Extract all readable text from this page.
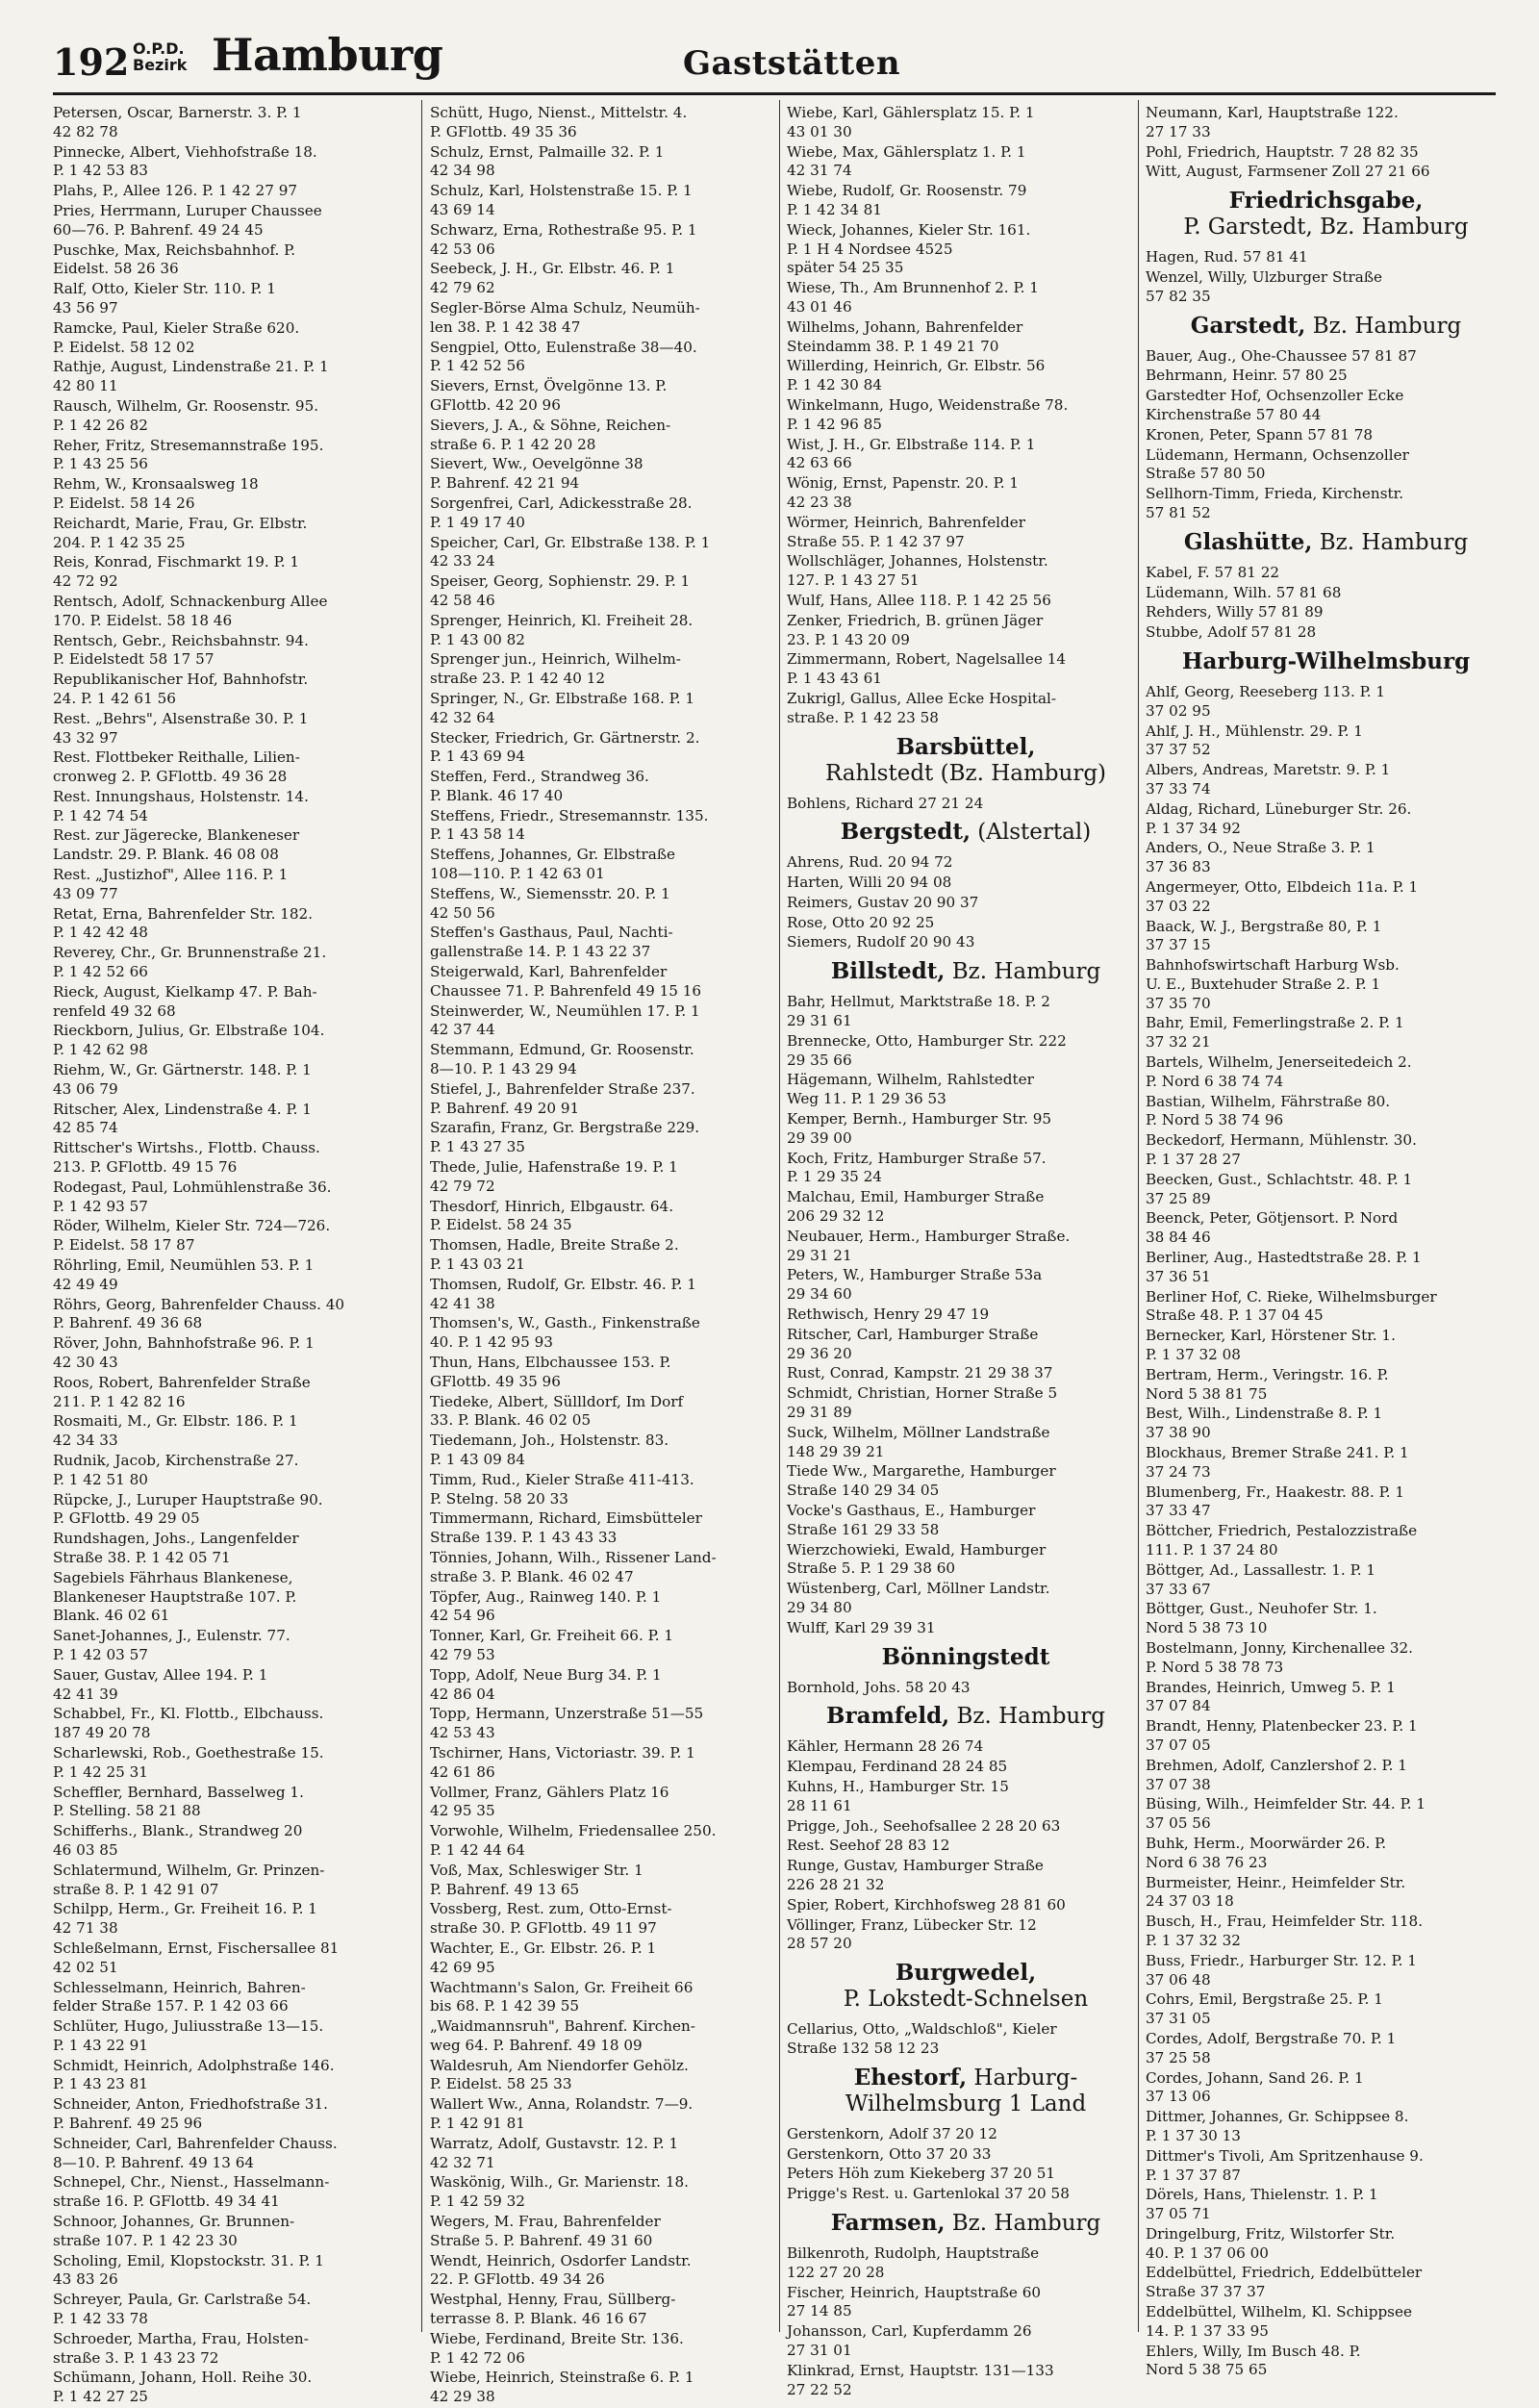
192 O.P.D.
Bezirk Hamburg	Gaststätten
Petersen, Oscar, Barnerstr. 3. P. 1
42 82 78
Pinnecke, Albert, Viehhofstraße 18.
P. 1 42 53 83
Plahs, P., Allee 126. P. 1 42 27 97
Pries, Herrmann, Luruper Chaussee
60—76. P. Bahrenf. 49 24 45
Puschke, Max, Reichsbahnhof. P.
Eidelst. 58 26 36
Ralf, Otto, Kieler Str. 110. P. 1
43 56 97
Ramcke, Paul, Kieler Straße 620.
P. Eidelst. 58 12 02
Rathje, August, Lindenstraße 21. P. 1
42 80 11
Rausch, Wilhelm, Gr. Roosenstr. 95.
P. 1 42 26 82
Reher, Fritz, Stresemannstraße 195.
P. 1 43 25 56
Rehm, W., Kronsaalsweg 18
P. Eidelst. 58 14 26
Reichardt, Marie, Frau, Gr. Elbstr.
204. P. 1 42 35 25
Reis, Konrad, Fischmarkt 19. P. 1
42 72 92
Rentsch, Adolf, Schnackenburg Allee
170. P. Eidelst. 58 18 46
Rentsch, Gebr., Reichsbahnstr. 94.
P. Eidelstedt 58 17 57
Republikanischer Hof, Bahnhofstr.
24. P. 1 42 61 56
Rest. „Behrs", Alsenstraße 30. P. 1
43 32 97
Rest. Flottbeker Reithalle, Lilien-
cronweg 2. P. GFlottb. 49 36 28
Rest. Innungshaus, Holstenstr. 14.
P. 1 42 74 54
Rest. zur Jägerecke, Blankeneser
Landstr. 29. P. Blank. 46 08 08
Rest. „Justizhof", Allee 116. P. 1
43 09 77
Retat, Erna, Bahrenfelder Str. 182.
P. 1 42 42 48
Reverey, Chr., Gr. Brunnenstraße 21.
P. 1 42 52 66
Rieck, August, Kielkamp 47. P. Bah-
renfeld 49 32 68
Rieckborn, Julius, Gr. Elbstraße 104.
P. 1 42 62 98
Riehm, W., Gr. Gärtnerstr. 148. P. 1
43 06 79
Ritscher, Alex, Lindenstraße 4. P. 1
42 85 74
Rittscher's Wirtshs., Flottb. Chauss.
213. P. GFlottb. 49 15 76
Rodegast, Paul, Lohmühlenstraße 36.
P. 1 42 93 57
Röder, Wilhelm, Kieler Str. 724—726.
P. Eidelst. 58 17 87
Röhrling, Emil, Neumühlen 53. P. 1
42 49 49
Röhrs, Georg, Bahrenfelder Chauss. 40
P. Bahrenf. 49 36 68
Röver, John, Bahnhofstraße 96. P. 1
42 30 43
Roos, Robert, Bahrenfelder Straße
211. P. 1 42 82 16
Rosmaiti, M., Gr. Elbstr. 186. P. 1
42 34 33
Rudnik, Jacob, Kirchenstraße 27.
P. 1 42 51 80
Rüpcke, J., Luruper Hauptstraße 90.
P. GFlottb. 49 29 05
Rundshagen, Johs., Langenfelder
Straße 38. P. 1 42 05 71
Sagebiels Fährhaus Blankenese,
Blankeneser Hauptstraße 107. P.
Blank. 46 02 61
Sanet-Johannes, J., Eulenstr. 77.
P. 1 42 03 57
Sauer, Gustav, Allee 194. P. 1
42 41 39
Schabbel, Fr., Kl. Flottb., Elbchauss.
187 49 20 78
Scharlewski, Rob., Goethestraße 15.
P. 1 42 25 31
Scheffler, Bernhard, Basselweg 1.
P. Stelling. 58 21 88
Schifferhs., Blank., Strandweg 20
46 03 85
Schlatermund, Wilhelm, Gr. Prinzen-
straße 8. P. 1 42 91 07
Schilpp, Herm., Gr. Freiheit 16. P. 1
42 71 38
Schleßelmann, Ernst, Fischersallee 81
42 02 51
Schlesselmann, Heinrich, Bahren-
felder Straße 157. P. 1 42 03 66
Schlüter, Hugo, Juliusstraße 13—15.
P. 1 43 22 91
Schmidt, Heinrich, Adolphstraße 146.
P. 1 43 23 81
Schneider, Anton, Friedhofstraße 31.
P. Bahrenf. 49 25 96
Schneider, Carl, Bahrenfelder Chauss.
8—10. P. Bahrenf. 49 13 64
Schnepel, Chr., Nienst., Hasselmann-
straße 16. P. GFlottb. 49 34 41
Schnoor, Johannes, Gr. Brunnen-
straße 107. P. 1 42 23 30
Scholing, Emil, Klopstockstr. 31. P. 1
43 83 26
Schreyer, Paula, Gr. Carlstraße 54.
P. 1 42 33 78
Schroeder, Martha, Frau, Holsten-
straße 3. P. 1 43 23 72
Schümann, Johann, Holl. Reihe 30.
P. 1 42 27 25
Schütt, Hugo, Nienst., Mittelstr. 4.
P. GFlottb. 49 35 36
Schulz, Ernst, Palmaille 32. P. 1
42 34 98
Schulz, Karl, Holstenstraße 15. P. 1
43 69 14
Schwarz, Erna, Rothestraße 95. P. 1
42 53 06
Seebeck, J. H., Gr. Elbstr. 46. P. 1
42 79 62
Segler-Börse Alma Schulz, Neumüh-
len 38. P. 1 42 38 47
Sengpiel, Otto, Eulenstraße 38—40.
P. 1 42 52 56
Sievers, Ernst, Övelgönne 13. P.
GFlottb. 42 20 96
Sievers, J. A., & Söhne, Reichen-
straße 6. P. 1 42 20 28
Sievert, Ww., Oevelgönne 38
P. Bahrenf. 42 21 94
Sorgenfrei, Carl, Adickesstraße 28.
P. 1 49 17 40
Speicher, Carl, Gr. Elbstraße 138. P. 1
42 33 24
Speiser, Georg, Sophienstr. 29. P. 1
42 58 46
Sprenger, Heinrich, Kl. Freiheit 28.
P. 1 43 00 82
Sprenger jun., Heinrich, Wilhelm-
straße 23. P. 1 42 40 12
Springer, N., Gr. Elbstraße 168. P. 1
42 32 64
Stecker, Friedrich, Gr. Gärtnerstr. 2.
P. 1 43 69 94
Steffen, Ferd., Strandweg 36.
P. Blank. 46 17 40
Steffens, Friedr., Stresemannstr. 135.
P. 1 43 58 14
Steffens, Johannes, Gr. Elbstraße
108—110. P. 1 42 63 01
Steffens, W., Siemensstr. 20. P. 1
42 50 56
Steffen's Gasthaus, Paul, Nachti-
gallenstraße 14. P. 1 43 22 37
Steigerwald, Karl, Bahrenfelder
Chaussee 71. P. Bahrenfeld 49 15 16
Steinwerder, W., Neumühlen 17. P. 1
42 37 44
Stemmann, Edmund, Gr. Roosenstr.
8—10. P. 1 43 29 94
Stiefel, J., Bahrenfelder Straße 237.
P. Bahrenf. 49 20 91
Szarafin, Franz, Gr. Bergstraße 229.
P. 1 43 27 35
Thede, Julie, Hafenstraße 19. P. 1
42 79 72
Thesdorf, Hinrich, Elbgaustr. 64.
P. Eidelst. 58 24 35
Thomsen, Hadle, Breite Straße 2.
P. 1 43 03 21
Thomsen, Rudolf, Gr. Elbstr. 46. P. 1
42 41 38
Thomsen's, W., Gasth., Finkenstraße
40. P. 1 42 95 93
Thun, Hans, Elbchaussee 153. P.
GFlottb. 49 35 96
Tiedeke, Albert, Süllldorf, Im Dorf
33. P. Blank. 46 02 05
Tiedemann, Joh., Holstenstr. 83.
P. 1 43 09 84
Timm, Rud., Kieler Straße 411-413.
P. Stelng. 58 20 33
Timmermann, Richard, Eimsbütteler
Straße 139. P. 1 43 43 33
Tönnies, Johann, Wilh., Rissener Land-
straße 3. P. Blank. 46 02 47
Töpfer, Aug., Rainweg 140. P. 1
42 54 96
Tonner, Karl, Gr. Freiheit 66. P. 1
42 79 53
Topp, Adolf, Neue Burg 34. P. 1
42 86 04
Topp, Hermann, Unzerstraße 51—55
42 53 43
Tschirner, Hans, Victoriastr. 39. P. 1
42 61 86
Vollmer, Franz, Gählers Platz 16
42 95 35
Vorwohle, Wilhelm, Friedensallee 250.
P. 1 42 44 64
Voß, Max, Schleswiger Str. 1
P. Bahrenf. 49 13 65
Vossberg, Rest. zum, Otto-Ernst-
straße 30. P. GFlottb. 49 11 97
Wachter, E., Gr. Elbstr. 26. P. 1
42 69 95
Wachtmann's Salon, Gr. Freiheit 66
bis 68. P. 1 42 39 55
„Waidmannsruh", Bahrenf. Kirchen-
weg 64. P. Bahrenf. 49 18 09
Waldesruh, Am Niendorfer Gehölz.
P. Eidelst. 58 25 33
Wallert Ww., Anna, Rolandstr. 7—9.
P. 1 42 91 81
Warratz, Adolf, Gustavstr. 12. P. 1
42 32 71
Waskönig, Wilh., Gr. Marienstr. 18.
P. 1 42 59 32
Wegers, M. Frau, Bahrenfelder
Straße 5. P. Bahrenf. 49 31 60
Wendt, Heinrich, Osdorfer Landstr.
22. P. GFlottb. 49 34 26
Westphal, Henny, Frau, Süllberg-
terrasse 8. P. Blank. 46 16 67
Wiebe, Ferdinand, Breite Str. 136.
P. 1 42 72 06
Wiebe, Heinrich, Steinstraße 6. P. 1
42 29 38
Wiebe, Karl, Gählersplatz 15. P. 1
43 01 30
Wiebe, Max, Gählersplatz 1. P. 1
42 31 74
Wiebe, Rudolf, Gr. Roosenstr. 79
P. 1 42 34 81
Wieck, Johannes, Kieler Str. 161.
P. 1 H 4 Nordsee 4525
später 54 25 35
Wiese, Th., Am Brunnenhof 2. P. 1
43 01 46
Wilhelms, Johann, Bahrenfelder
Steindamm 38. P. 1 49 21 70
Willerding, Heinrich, Gr. Elbstr. 56
P. 1 42 30 84
Winkelmann, Hugo, Weidenstraße 78.
P. 1 42 96 85
Wist, J. H., Gr. Elbstraße 114. P. 1
42 63 66
Wönig, Ernst, Papenstr. 20. P. 1
42 23 38
Wörmer, Heinrich, Bahrenfelder
Straße 55. P. 1 42 37 97
Wollschläger, Johannes, Holstenstr.
127. P. 1 43 27 51
Wulf, Hans, Allee 118. P. 1 42 25 56
Zenker, Friedrich, B. grünen Jäger
23. P. 1 43 20 09
Zimmermann, Robert, Nagelsallee 14
P. 1 43 43 61
Zukrigl, Gallus, Allee Ecke Hospital-
straße. P. 1 42 23 58
Barsbüttel,
Rahlstedt (Bz. Hamburg)
Bohlens, Richard 27 21 24
Bergstedt, (Alstertal)
Ahrens, Rud. 20 94 72
Harten, Willi 20 94 08
Reimers, Gustav 20 90 37
Rose, Otto 20 92 25
Siemers, Rudolf 20 90 43
Billstedt, Bz. Hamburg
Bahr, Hellmut, Marktstraße 18. P. 2
29 31 61
Brennecke, Otto, Hamburger Str. 222
29 35 66
Hägemann, Wilhelm, Rahlstedter
Weg 11. P. 1 29 36 53
Kemper, Bernh., Hamburger Str. 95
29 39 00
Koch, Fritz, Hamburger Straße 57.
P. 1 29 35 24
Malchau, Emil, Hamburger Straße
206 29 32 12
Neubauer, Herm., Hamburger Straße.
29 31 21
Peters, W., Hamburger Straße 53a
29 34 60
Rethwisch, Henry 29 47 19
Ritscher, Carl, Hamburger Straße
29 36 20
Rust, Conrad, Kampstr. 21 29 38 37
Schmidt, Christian, Horner Straße 5
29 31 89
Suck, Wilhelm, Möllner Landstraße
148 29 39 21
Tiede Ww., Margarethe, Hamburger
Straße 140 29 34 05
Vocke's Gasthaus, E., Hamburger
Straße 161 29 33 58
Wierzchowieki, Ewald, Hamburger
Straße 5. P. 1 29 38 60
Wüstenberg, Carl, Möllner Landstr.
29 34 80
Wulff, Karl 29 39 31
Bönningstedt
Bornhold, Johs. 58 20 43
Bramfeld, Bz. Hamburg
Kähler, Hermann 28 26 74
Klempau, Ferdinand 28 24 85
Kuhns, H., Hamburger Str. 15
28 11 61
Prigge, Joh., Seehofsallee 2 28 20 63
Rest. Seehof 28 83 12
Runge, Gustav, Hamburger Straße
226 28 21 32
Spier, Robert, Kirchhofsweg 28 81 60
Völlinger, Franz, Lübecker Str. 12
28 57 20
Burgwedel,
P. Lokstedt-Schnelsen
Cellarius, Otto, „Waldschloß", Kieler
Straße 132 58 12 23
Ehestorf, Harburg-
Wilhelmsburg 1 Land
Gerstenkorn, Adolf 37 20 12
Gerstenkorn, Otto 37 20 33
Peters Höh zum Kiekeberg 37 20 51
Prigge's Rest. u. Gartenlokal 37 20 58
Farmsen, Bz. Hamburg
Bilkenroth, Rudolph, Hauptstraße
122 27 20 28
Fischer, Heinrich, Hauptstraße 60
27 14 85
Johansson, Carl, Kupferdamm 26
27 31 01
Klinkrad, Ernst, Hauptstr. 131—133
27 22 52
Neumann, Karl, Hauptstraße 122.
27 17 33
Pohl, Friedrich, Hauptstr. 7 28 82 35
Witt, August, Farmsener Zoll 27 21 66
Friedrichsgabe,
P. Garstedt, Bz. Hamburg
Hagen, Rud. 57 81 41
Wenzel, Willy, Ulzburger Straße
57 82 35
Garstedt, Bz. Hamburg
Bauer, Aug., Ohe-Chaussee 57 81 87
Behrmann, Heinr. 57 80 25
Garstedter Hof, Ochsenzoller Ecke
Kirchenstraße 57 80 44
Kronen, Peter, Spann 57 81 78
Lüdemann, Hermann, Ochsenzoller
Straße 57 80 50
Sellhorn-Timm, Frieda, Kirchenstr.
57 81 52
Glashütte, Bz. Hamburg
Kabel, F. 57 81 22
Lüdemann, Wilh. 57 81 68
Rehders, Willy 57 81 89
Stubbe, Adolf 57 81 28
Harburg-Wilhelmsburg
Ahlf, Georg, Reeseberg 113. P. 1
37 02 95
Ahlf, J. H., Mühlenstr. 29. P. 1
37 37 52
Albers, Andreas, Maretstr. 9. P. 1
37 33 74
Aldag, Richard, Lüneburger Str. 26.
P. 1 37 34 92
Anders, O., Neue Straße 3. P. 1
37 36 83
Angermeyer, Otto, Elbdeich 11a. P. 1
37 03 22
Baack, W. J., Bergstraße 80, P. 1
37 37 15
Bahnhofswirtschaft Harburg Wsb.
U. E., Buxtehuder Straße 2. P. 1
37 35 70
Bahr, Emil, Femerlingstraße 2. P. 1
37 32 21
Bartels, Wilhelm, Jenerseitedeich 2.
P. Nord 6 38 74 74
Bastian, Wilhelm, Fährstraße 80.
P. Nord 5 38 74 96
Beckedorf, Hermann, Mühlenstr. 30.
P. 1 37 28 27
Beecken, Gust., Schlachtstr. 48. P. 1
37 25 89
Beenck, Peter, Götjensort. P. Nord
38 84 46
Berliner, Aug., Hastedtstraße 28. P. 1
37 36 51
Berliner Hof, C. Rieke, Wilhelmsburger
Straße 48. P. 1 37 04 45
Bernecker, Karl, Hörstener Str. 1.
P. 1 37 32 08
Bertram, Herm., Veringstr. 16. P.
Nord 5 38 81 75
Best, Wilh., Lindenstraße 8. P. 1
37 38 90
Blockhaus, Bremer Straße 241. P. 1
37 24 73
Blumenberg, Fr., Haakestr. 88. P. 1
37 33 47
Böttcher, Friedrich, Pestalozzistraße
111. P. 1 37 24 80
Böttger, Ad., Lassallestr. 1. P. 1
37 33 67
Böttger, Gust., Neuhofer Str. 1.
Nord 5 38 73 10
Bostelmann, Jonny, Kirchenallee 32.
P. Nord 5 38 78 73
Brandes, Heinrich, Umweg 5. P. 1
37 07 84
Brandt, Henny, Platenbecker 23. P. 1
37 07 05
Brehmen, Adolf, Canzlershof 2. P. 1
37 07 38
Büsing, Wilh., Heimfelder Str. 44. P. 1
37 05 56
Buhk, Herm., Moorwärder 26. P.
Nord 6 38 76 23
Burmeister, Heinr., Heimfelder Str.
24 37 03 18
Busch, H., Frau, Heimfelder Str. 118.
P. 1 37 32 32
Buss, Friedr., Harburger Str. 12. P. 1
37 06 48
Cohrs, Emil, Bergstraße 25. P. 1
37 31 05
Cordes, Adolf, Bergstraße 70. P. 1
37 25 58
Cordes, Johann, Sand 26. P. 1
37 13 06
Dittmer, Johannes, Gr. Schippsee 8.
P. 1 37 30 13
Dittmer's Tivoli, Am Spritzenhause 9.
P. 1 37 37 87
Dörels, Hans, Thielenstr. 1. P. 1
37 05 71
Dringelburg, Fritz, Wilstorfer Str.
40. P. 1 37 06 00
Eddelbüttel, Friedrich, Eddelbütteler
Straße 37 37 37
Eddelbüttel, Wilhelm, Kl. Schippsee
14. P. 1 37 33 95
Ehlers, Willy, Im Busch 48. P.
Nord 5 38 75 65
